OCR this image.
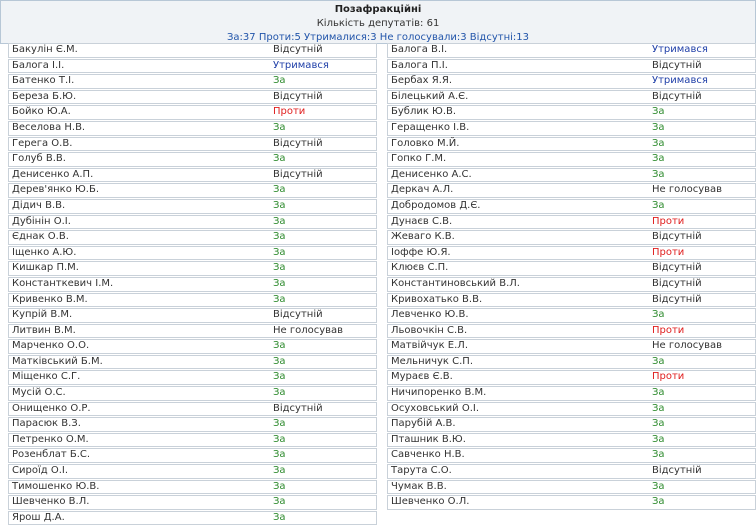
Позафракційні
Кількість депутатів: 61
За:37 Проти:5 Утрималися:3 Не голосували:3 Відсутні:13
Бакулін Є.М.	Відсутній
Балога І.І.	Утримався
Батенко Т.І.	За
Береза Б.Ю.	Відсутній
Бойко Ю.А.	Проти
Веселова Н.В.	За
Герега О.В.	Відсутній
Голуб В.В.	За
Денисенко А.П.	Відсутній
Дерев'янко Ю.Б.	За
Дідич В.В.	За
Дубінін О.І.	За
Єднак О.В.	За
Іщенко А.Ю.	За
Кишкар П.М.	За
Константкевич І.М.	За
Кривенко В.М.	За
Купрій В.М.	Відсутній
Литвин В.М.	Не голосував
Марченко О.О.	За
Матківський Б.М.	За
Міщенко С.Г.	За
Мусій О.С.	За
Онищенко О.Р.	Відсутній
Парасюк В.З.	За
Петренко О.М.	За
Розенблат Б.С.	За
Сироїд О.І.	За
Тимошенко Ю.В.	За
Шевченко В.Л.	За
Ярош Д.А.	За
Балога В.І.	Утримався
Балога П.І.	Відсутній
Бербах Я.Я.	Утримався
Білецький А.Є.	Відсутній
Бублик Ю.В.	За
Геращенко І.В.	За
Головко М.Й.	За
Гопко Г.М.	За
Денисенко А.С.	За
Деркач А.Л.	Не голосував
Добродомов Д.Є.	За
Дунаєв С.В.	Проти
Жеваго К.В.	Відсутній
Іоффе Ю.Я.	Проти
Клюєв С.П.	Відсутній
Константиновський В.Л.	Відсутній
Кривохатько В.В.	Відсутній
Левченко Ю.В.	За
Льовочкін С.В.	Проти
Матвійчук Е.Л.	Не голосував
Мельничук С.П.	За
Мураєв Є.В.	Проти
Ничипоренко В.М.	За
Осуховський О.І.	За
Парубій А.В.	За
Пташник В.Ю.	За
Савченко Н.В.	За
Тарута С.О.	Відсутній
Чумак В.В.	За
Шевченко О.Л.	За
